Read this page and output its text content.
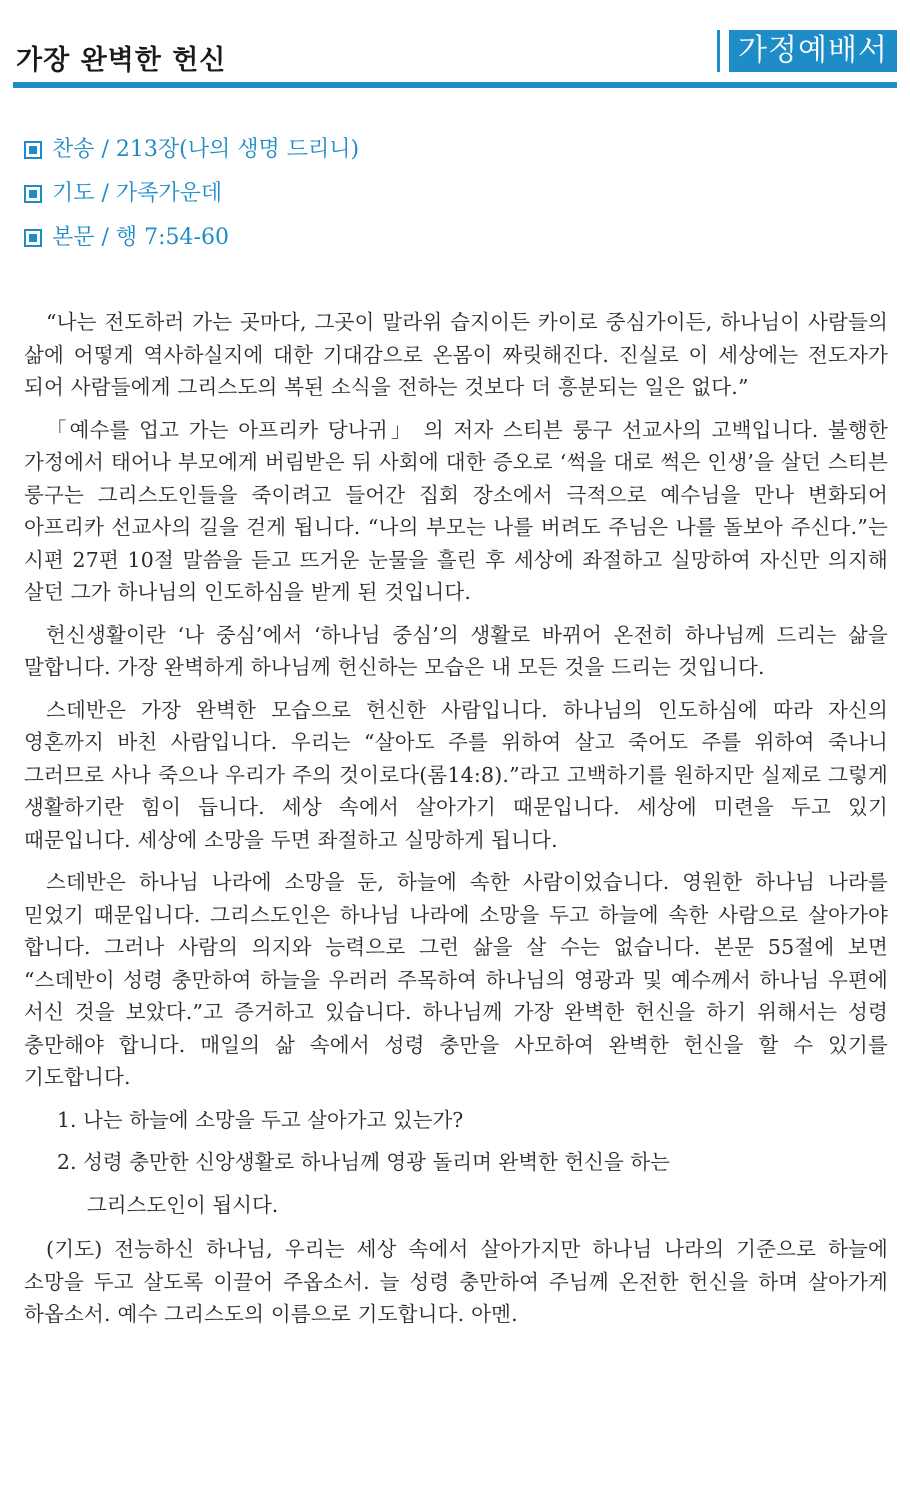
가장 완벽한 헌신	가정예배서
찬송 / 213장(나의 생명 드리니)
기도 / 가족가운데
본문 / 행 7:54-60

“나는 전도하러 가는 곳마다, 그곳이 말라위 습지이든 카이로 중심가이든, 하나님이 사람들의 삶에 어떻게 역사하실지에 대한 기대감으로 온몸이 짜릿해진다. 진실로 이 세상에는 전도자가 되어 사람들에게 그리스도의 복된 소식을 전하는 것보다 더 흥분되는 일은 없다.”

「예수를 업고 가는 아프리카 당나귀」 의 저자 스티븐 룽구 선교사의 고백입니다. 불행한 가정에서 태어나 부모에게 버림받은 뒤 사회에 대한 증오로 ‘썩을 대로 썩은 인생’을 살던 스티븐 룽구는 그리스도인들을 죽이려고 들어간 집회 장소에서 극적으로 예수님을 만나 변화되어 아프리카 선교사의 길을 걷게 됩니다. “나의 부모는 나를 버려도 주님은 나를 돌보아 주신다.”는 시편 27편 10절 말씀을 듣고 뜨거운 눈물을 흘린 후 세상에 좌절하고 실망하여 자신만 의지해 살던 그가 하나님의 인도하심을 받게 된 것입니다.

헌신생활이란 ‘나 중심’에서 ‘하나님 중심’의 생활로 바뀌어 온전히 하나님께 드리는 삶을 말합니다. 가장 완벽하게 하나님께 헌신하는 모습은 내 모든 것을 드리는 것입니다.

스데반은 가장 완벽한 모습으로 헌신한 사람입니다. 하나님의 인도하심에 따라 자신의 영혼까지 바친 사람입니다. 우리는 “살아도 주를 위하여 살고 죽어도 주를 위하여 죽나니 그러므로 사나 죽으나 우리가 주의 것이로다(롬14:8).”라고 고백하기를 원하지만 실제로 그렇게 생활하기란 힘이 듭니다. 세상 속에서 살아가기 때문입니다. 세상에 미련을 두고 있기 때문입니다. 세상에 소망을 두면 좌절하고 실망하게 됩니다.

스데반은 하나님 나라에 소망을 둔, 하늘에 속한 사람이었습니다. 영원한 하나님 나라를 믿었기 때문입니다. 그리스도인은 하나님 나라에 소망을 두고 하늘에 속한 사람으로 살아가야 합니다. 그러나 사람의 의지와 능력으로 그런 삶을 살 수는 없습니다. 본문 55절에 보면 “스데반이 성령 충만하여 하늘을 우러러 주목하여 하나님의 영광과 및 예수께서 하나님 우편에 서신 것을 보았다.”고 증거하고 있습니다. 하나님께 가장 완벽한 헌신을 하기 위해서는 성령 충만해야 합니다. 매일의 삶 속에서 성령 충만을 사모하여 완벽한 헌신을 할 수 있기를 기도합니다.

1. 나는 하늘에 소망을 두고 살아가고 있는가?

2. 성령 충만한 신앙생활로 하나님께 영광 돌리며 완벽한 헌신을 하는

그리스도인이 됩시다.

(기도) 전능하신 하나님, 우리는 세상 속에서 살아가지만 하나님 나라의 기준으로 하늘에 소망을 두고 살도록 이끌어 주옵소서. 늘 성령 충만하여 주님께 온전한 헌신을 하며 살아가게 하옵소서. 예수 그리스도의 이름으로 기도합니다. 아멘.
